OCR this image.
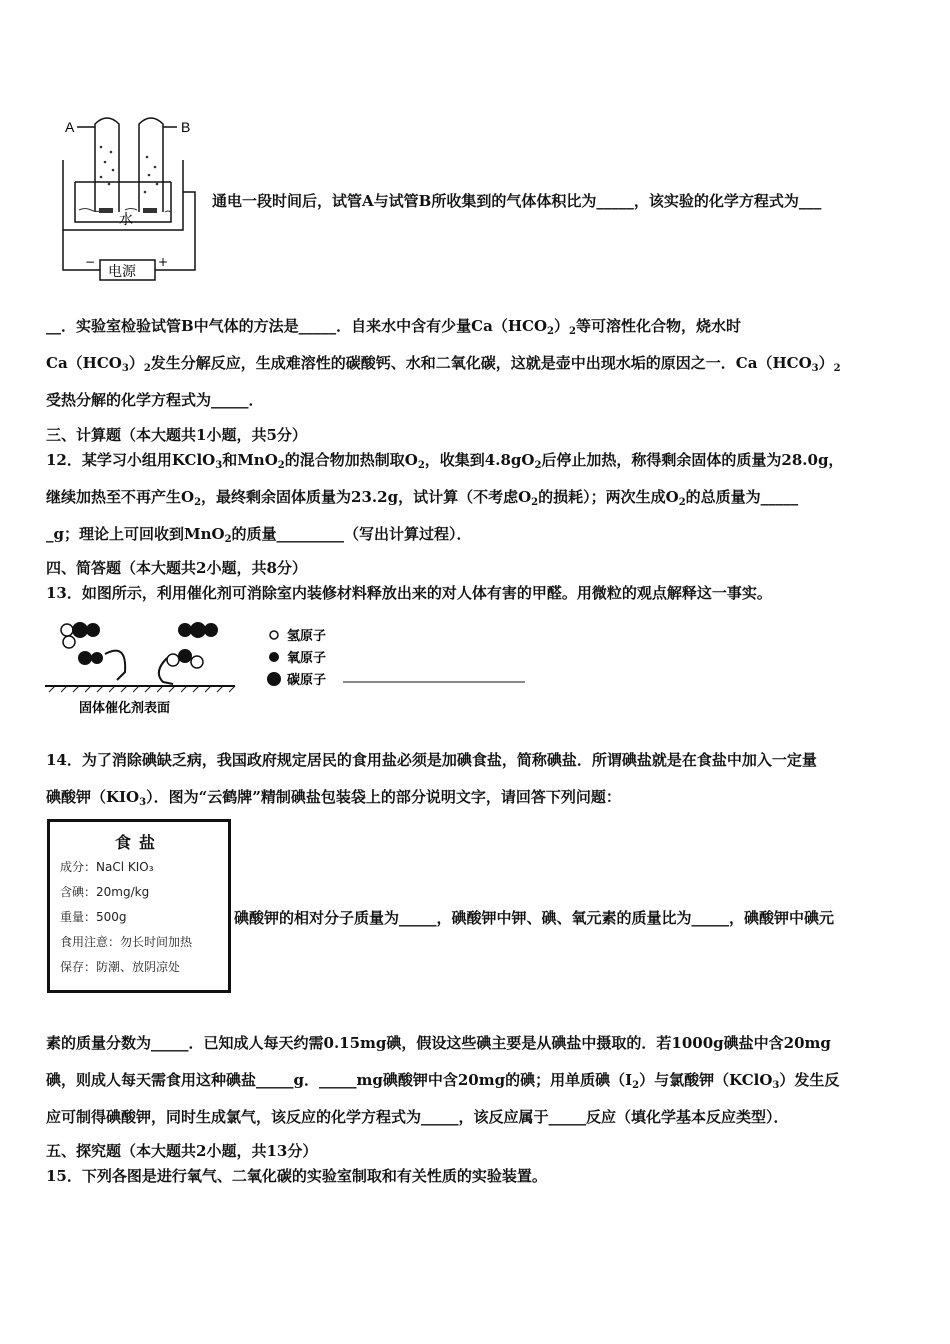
A	B
水
电源
−	+
通电一段时间后，试管A与试管B所收集到的气体体积比为_____，该实验的化学方程式为___
__．实验室检验试管B中气体的方法是_____．自来水中含有少量$Ca(HCO_2)_2$等可溶性化合物，烧水时
$Ca(HCO_3)_2$发生分解反应，生成难溶性的碳酸钙、水和二氧化碳，这就是壶中出现水垢的原因之一．$Ca(HCO_3)_2$
受热分解的化学方程式为_____．
三、计算题（本大题共1小题，共5分）
12．某学习小组用KClO$_3$和MnO$_2$的混合物加热制取$O_2$，收集到$4.8gO_2$后停止加热，称得剩余固体的质量为28.0g，
继续加热至不再产生$O_2$，最终剩余固体质量为23.2g，试计算（不考虑$O_2$的损耗）；两次生成$O_2$的总质量为_____
_g；理论上可回收到MnO$_2$的质量_________（写出计算过程）．
四、简答题（本大题共2小题，共8分）
13．如图所示，利用催化剂可消除室内装修材料释放出来的对人体有害的甲醛。用微粒的观点解释这一事实。
固体催化剂表面
氢原子
氧原子
碳原子
14．为了消除碘缺乏病，我国政府规定居民的食用盐必须是加碘食盐，简称碘盐．所谓碘盐就是在食盐中加入一定量
碘酸钾$(KIO_3)$．图为“云鹤牌”精制碘盐包装袋上的部分说明文字，请回答下列问题：
食盐
成分：NaCl KIO₃
含碘：20mg/kg
重量：500g
食用注意：勿长时间加热
保存：防潮、放阴凉处
碘酸钾的相对分子质量为_____，碘酸钾中钾、碘、氧元素的质量比为_____，碘酸钾中碘元
素的质量分数为_____．已知成人每天约需0.15mg碘，假设这些碘主要是从碘盐中摄取的．若1000g碘盐中含20mg
碘，则成人每天需食用这种碘盐_____g．_____mg碘酸钾中含20mg的碘；用单质碘$(I_2)$与氯酸钾（KClO$_3$）发生反
应可制得碘酸钾，同时生成氯气，该反应的化学方程式为_____，该反应属于_____反应（填化学基本反应类型）．
五、探究题（本大题共2小题，共13分）
15．下列各图是进行氧气、二氧化碳的实验室制取和有关性质的实验装置。
